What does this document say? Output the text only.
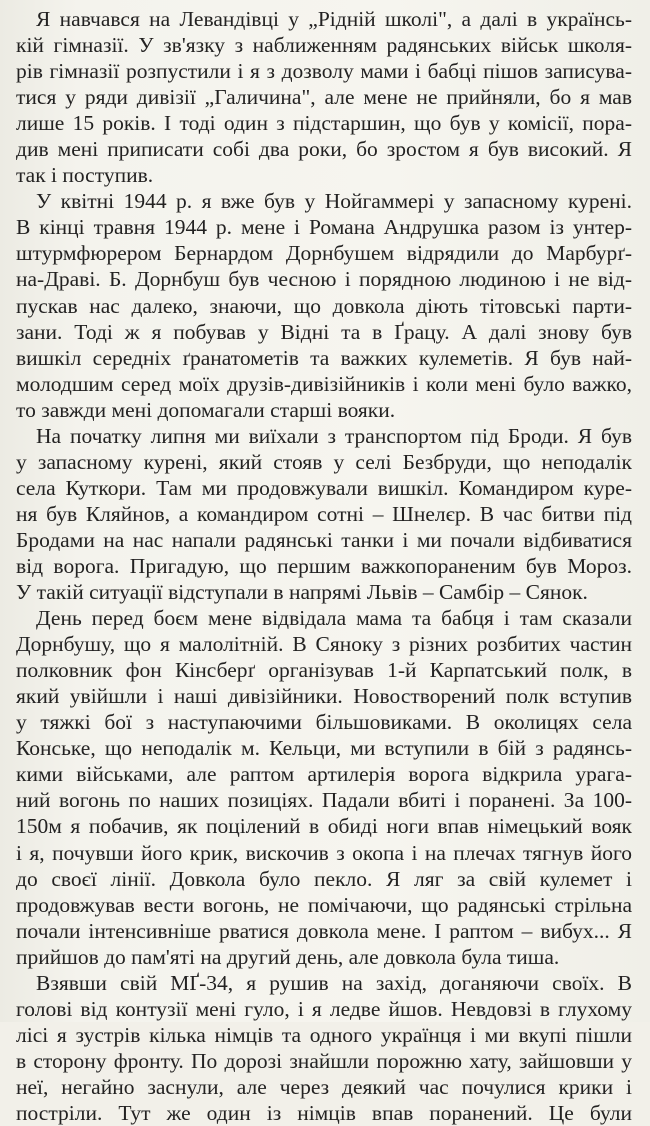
Я навчався на Левандівці у „Рідній школі", а далі в українсь-
кій гімназії. У зв'язку з наближенням радянських військ школя-
рів гімназії розпустили і я з дозволу мами і бабці пішов записува-
тися у ряди дивізії „Галичина", але мене не прийняли, бо я мав
лише 15 років. І тоді один з підстаршин, що був у комісії, пора-
див мені приписати собі два роки, бо зростом я був високий. Я
так і поступив.
У квітні 1944 р. я вже був у Нойгаммері у запасному курені.
В кінці травня 1944 р. мене і Романа Андрушка разом із унтер-
штурмфюрером Бернардом Дорнбушем відрядили до Марбурґ-
на-Драві. Б. Дорнбуш був чесною і порядною людиною і не від-
пускав нас далеко, знаючи, що довкола діють тітовські парти-
зани. Тоді ж я побував у Відні та в Ґрацу. А далі знову був
вишкіл середніх ґранатометів та важких кулеметів. Я був най-
молодшим серед моїх друзів-дивізійників і коли мені було важко,
то завжди мені допомагали старші вояки.
На початку липня ми виїхали з транспортом під Броди. Я був
у запасному курені, який стояв у селі Безбруди, що неподалік
села Куткори. Там ми продовжували вишкіл. Командиром куре-
ня був Кляйнов, а командиром сотні – Шнелєр. В час битви під
Бродами на нас напали радянські танки і ми почали відбиватися
від ворога. Пригадую, що першим важкопораненим був Мороз.
У такій ситуації відступали в напрямі Львів – Самбір – Сянок.
День перед боєм мене відвідала мама та бабця і там сказали
Дорнбушу, що я малолітній. В Сяноку з різних розбитих частин
полковник фон Кінсберґ організував 1-й Карпатський полк, в
який увійшли і наші дивізійники. Новостворений полк вступив
у тяжкі бої з наступаючими більшовиками. В околицях села
Конське, що неподалік м. Кельци, ми вступили в бій з радянсь-
кими військами, але раптом артилерія ворога відкрила урага-
ний вогонь по наших позиціях. Падали вбиті і поранені. За 100-
150м я побачив, як поцілений в обиді ноги впав німецький вояк
і я, почувши його крик, вискочив з окопа і на плечах тягнув його
до своєї лінії. Довкола було пекло. Я ляг за свій кулемет і
продовжував вести вогонь, не помічаючи, що радянські стрільна
почали інтенсивніше рватися довкола мене. І раптом – вибух... Я
прийшов до пам'яті на другий день, але довкола була тиша.
Взявши свій МҐ-34, я рушив на захід, доганяючи своїх. В
голові від контузії мені гуло, і я ледве йшов. Невдовзі в глухому
лісі я зустрів кілька німців та одного українця і ми вкупі пішли
в сторону фронту. По дорозі знайшли порожню хату, зайшовши у
неї, негайно заснули, але через деякий час почулися крики і
постріли. Тут же один із німців впав поранений. Це були
